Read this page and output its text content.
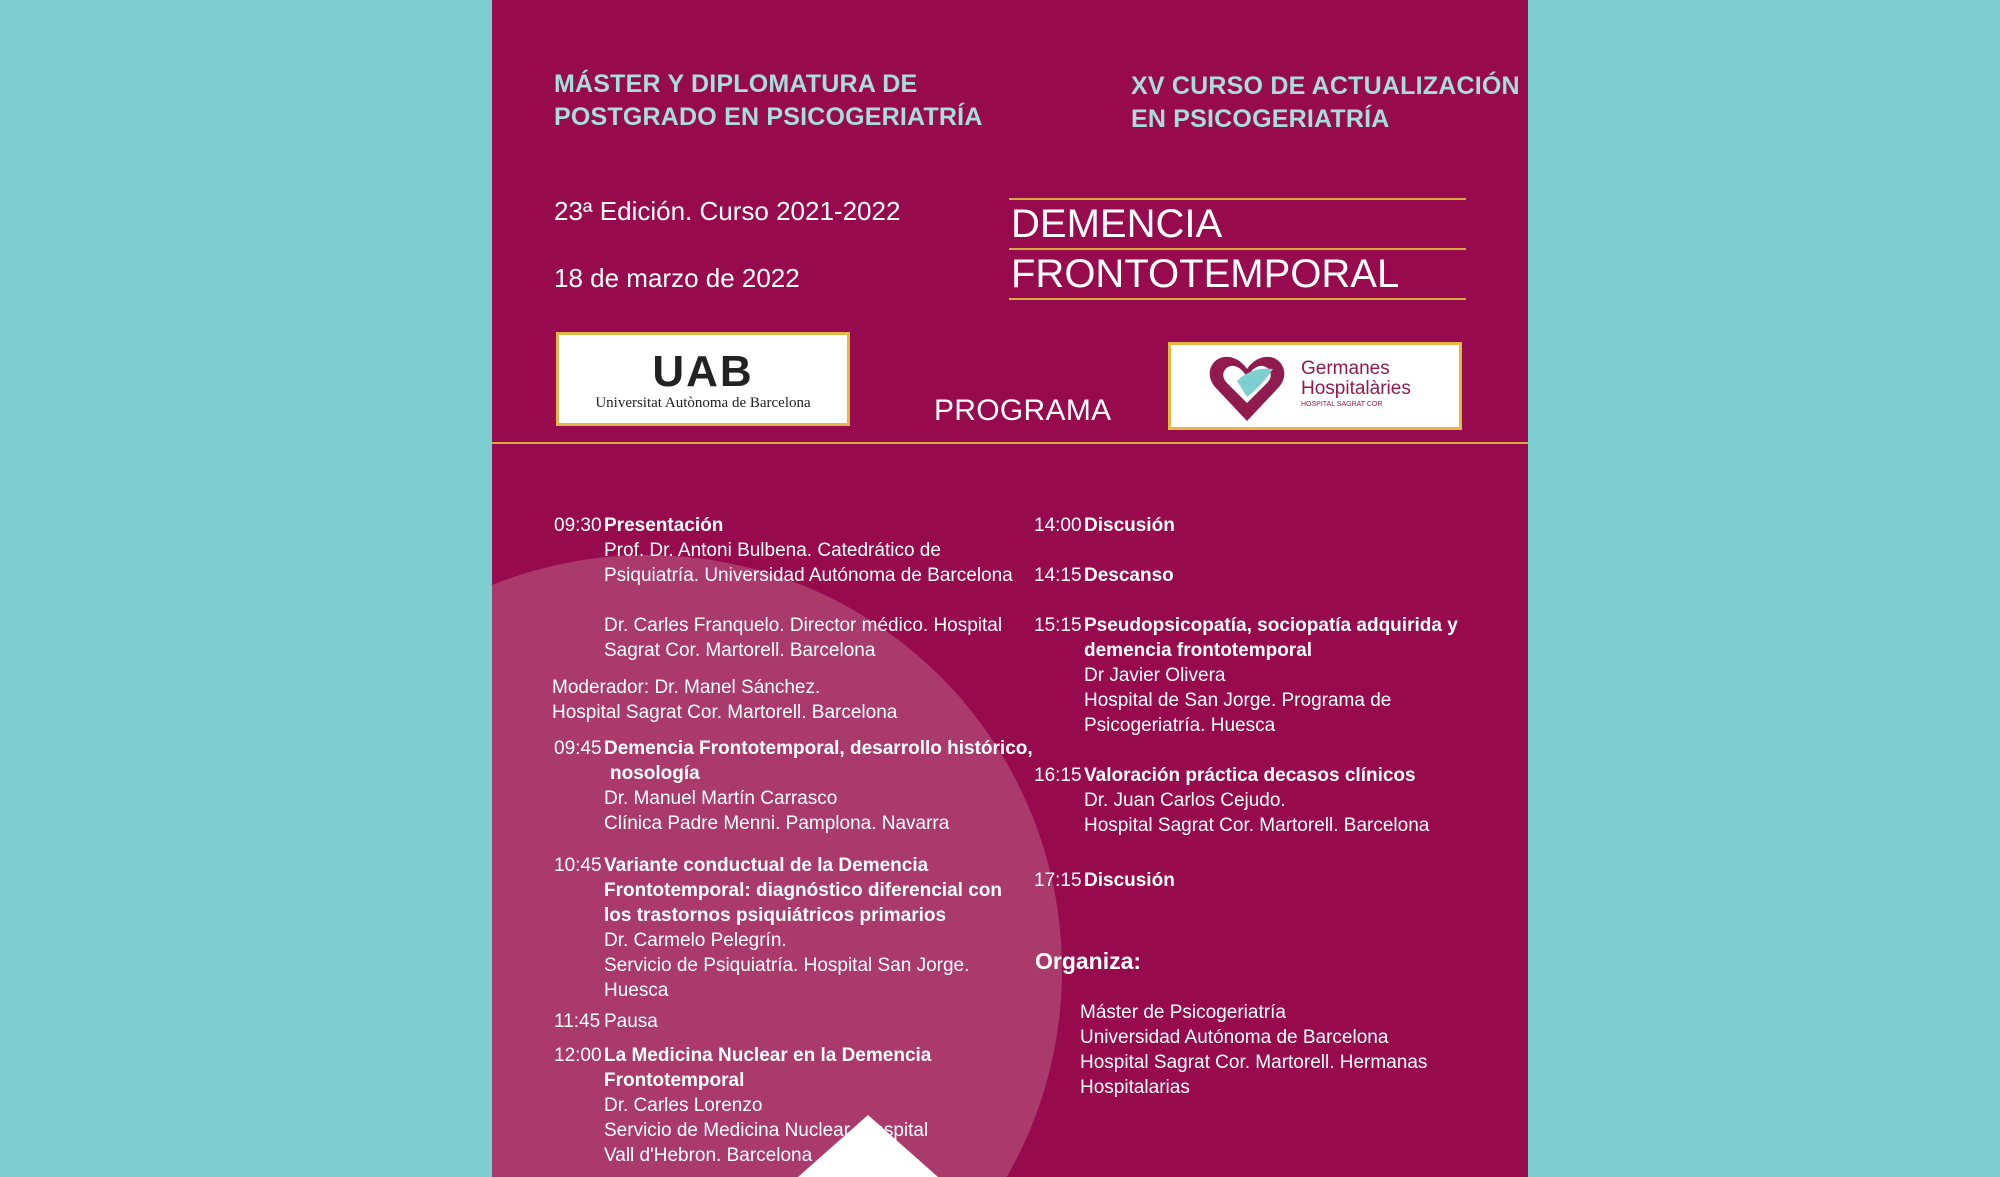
MÁSTER Y DIPLOMATURA DE
POSTGRADO EN PSICOGERIATRÍA
XV CURSO DE ACTUALIZACIÓN
EN PSICOGERIATRÍA
23ª Edición. Curso 2021-2022
18 de marzo de 2022
DEMENCIA
FRONTOTEMPORAL
UAB
Universitat Autònoma de Barcelona	PROGRAMA
Germanes
Hospitalàries
HOSPITAL SAGRAT COR
09:30 Presentación
Prof. Dr. Antoni Bulbena. Catedrático de
Psiquiatría. Universidad Autónoma de Barcelona
Dr. Carles Franquelo. Director médico. Hospital
Sagrat Cor. Martorell. Barcelona
Moderador: Dr. Manel Sánchez.
Hospital Sagrat Cor. Martorell. Barcelona
09:45 Demencia Frontotemporal, desarrollo histórico,
nosología
Dr. Manuel Martín Carrasco
Clínica Padre Menni. Pamplona. Navarra
10:45 Variante conductual de la Demencia
Frontotemporal: diagnóstico diferencial con
los trastornos psiquiátricos primarios
Dr. Carmelo Pelegrín.
Servicio de Psiquiatría. Hospital San Jorge.
Huesca
11:45 Pausa
12:00 La Medicina Nuclear en la Demencia
Frontotemporal
Dr. Carles Lorenzo
Servicio de Medicina Nuclear. Hospital
Vall d'Hebron. Barcelona
14:00 Discusión
14:15 Descanso
15:15 Pseudopsicopatía, sociopatía adquirida y
demencia frontotemporal
Dr Javier Olivera
Hospital de San Jorge. Programa de
Psicogeriatría. Huesca
16:15 Valoración práctica decasos clínicos
Dr. Juan Carlos Cejudo.
Hospital Sagrat Cor. Martorell. Barcelona
17:15 Discusión
Organiza:
Máster de Psicogeriatría
Universidad Autónoma de Barcelona
Hospital Sagrat Cor. Martorell. Hermanas
Hospitalarias
